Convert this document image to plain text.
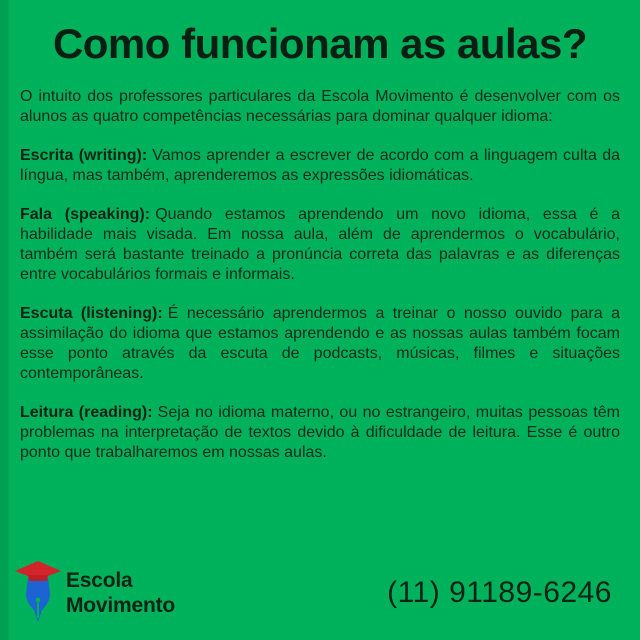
Como funcionam as aulas?

O intuito dos professores particulares da Escola Movimento é desenvolver com os alunos as quatro competências necessárias para dominar qualquer idioma:

Escrita (writing): Vamos aprender a escrever de acordo com a linguagem culta da língua, mas também, aprenderemos as expressões idiomáticas.

Fala (speaking): Quando estamos aprendendo um novo idioma, essa é a habilidade mais visada. Em nossa aula, além de aprendermos o vocabulário, também será bastante treinado a pronúncia correta das palavras e as diferenças entre vocabulários formais e informais.

Escuta (listening): É necessário aprendermos a treinar o nosso ouvido para a assimilação do idioma que estamos aprendendo e as nossas aulas também focam esse ponto através da escuta de podcasts, músicas, filmes e situações contemporâneas.

Leitura (reading): Seja no idioma materno, ou no estrangeiro, muitas pessoas têm problemas na interpretação de textos devido à dificuldade de leitura. Esse é outro ponto que trabalharemos em nossas aulas.

Escola
Movimento	(11) 91189-6246
